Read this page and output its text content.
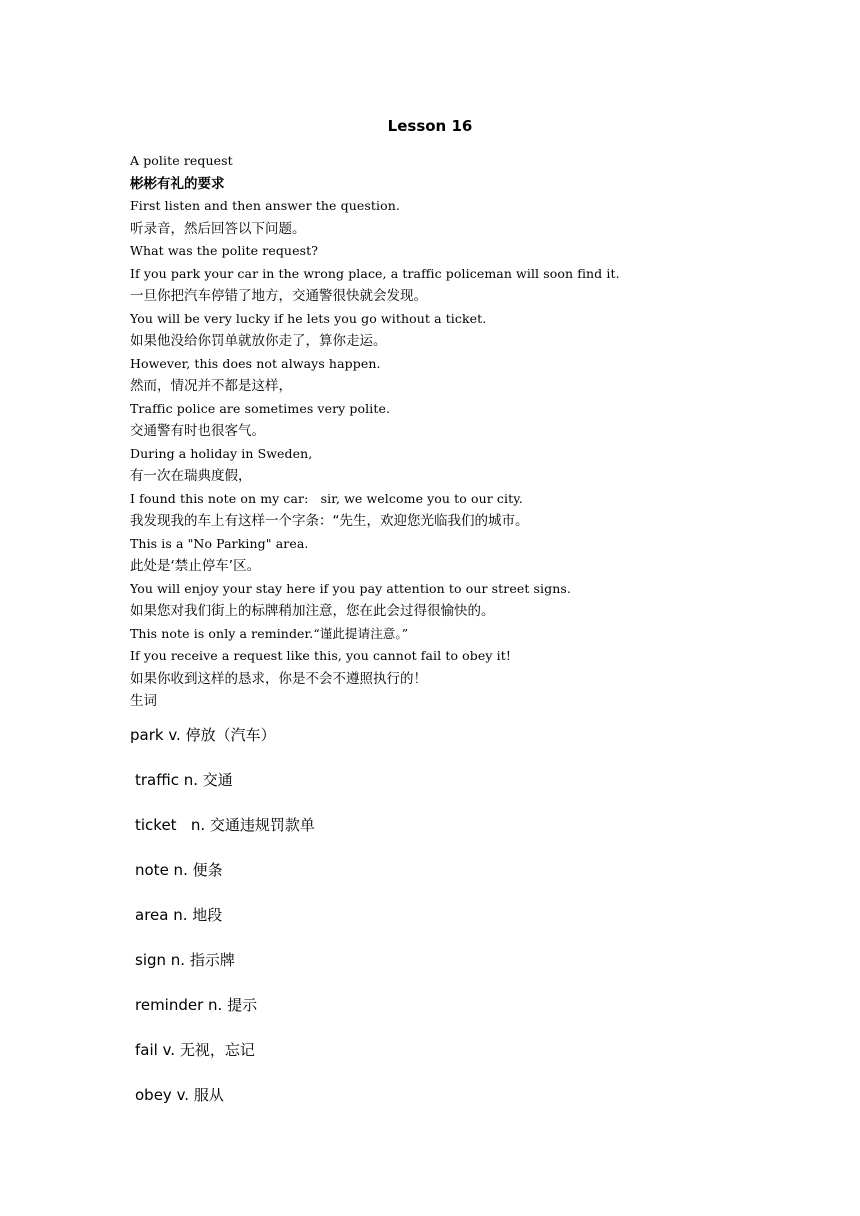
Lesson 16
A polite request
彬彬有礼的要求
First listen and then answer the question.
听录音，然后回答以下问题。
What was the polite request?
If you park your car in the wrong place, a traffic policeman will soon find it.
一旦你把汽车停错了地方，交通警很快就会发现。
You will be very lucky if he lets you go without a ticket.
如果他没给你罚单就放你走了，算你走运。
However, this does not always happen.
然而，情况并不都是这样，
Traffic police are sometimes very polite.
交通警有时也很客气。
During a holiday in Sweden,
有一次在瑞典度假，
I found this note on my car:   sir, we welcome you to our city.
我发现我的车上有这样一个字条：“先生，欢迎您光临我们的城市。
This is a "No Parking" area.
此处是‘禁止停车’区。
You will enjoy your stay here if you pay attention to our street signs.
如果您对我们街上的标牌稍加注意，您在此会过得很愉快的。
This note is only a reminder.“谨此提请注意。”
If you receive a request like this, you cannot fail to obey it!
如果你收到这样的恳求，你是不会不遵照执行的！
生词
park v. 停放（汽车）
traffic n. 交通
ticket   n. 交通违规罚款单
note n. 便条
area n. 地段
sign n. 指示牌
reminder n. 提示
fail v. 无视，忘记
obey v. 服从
